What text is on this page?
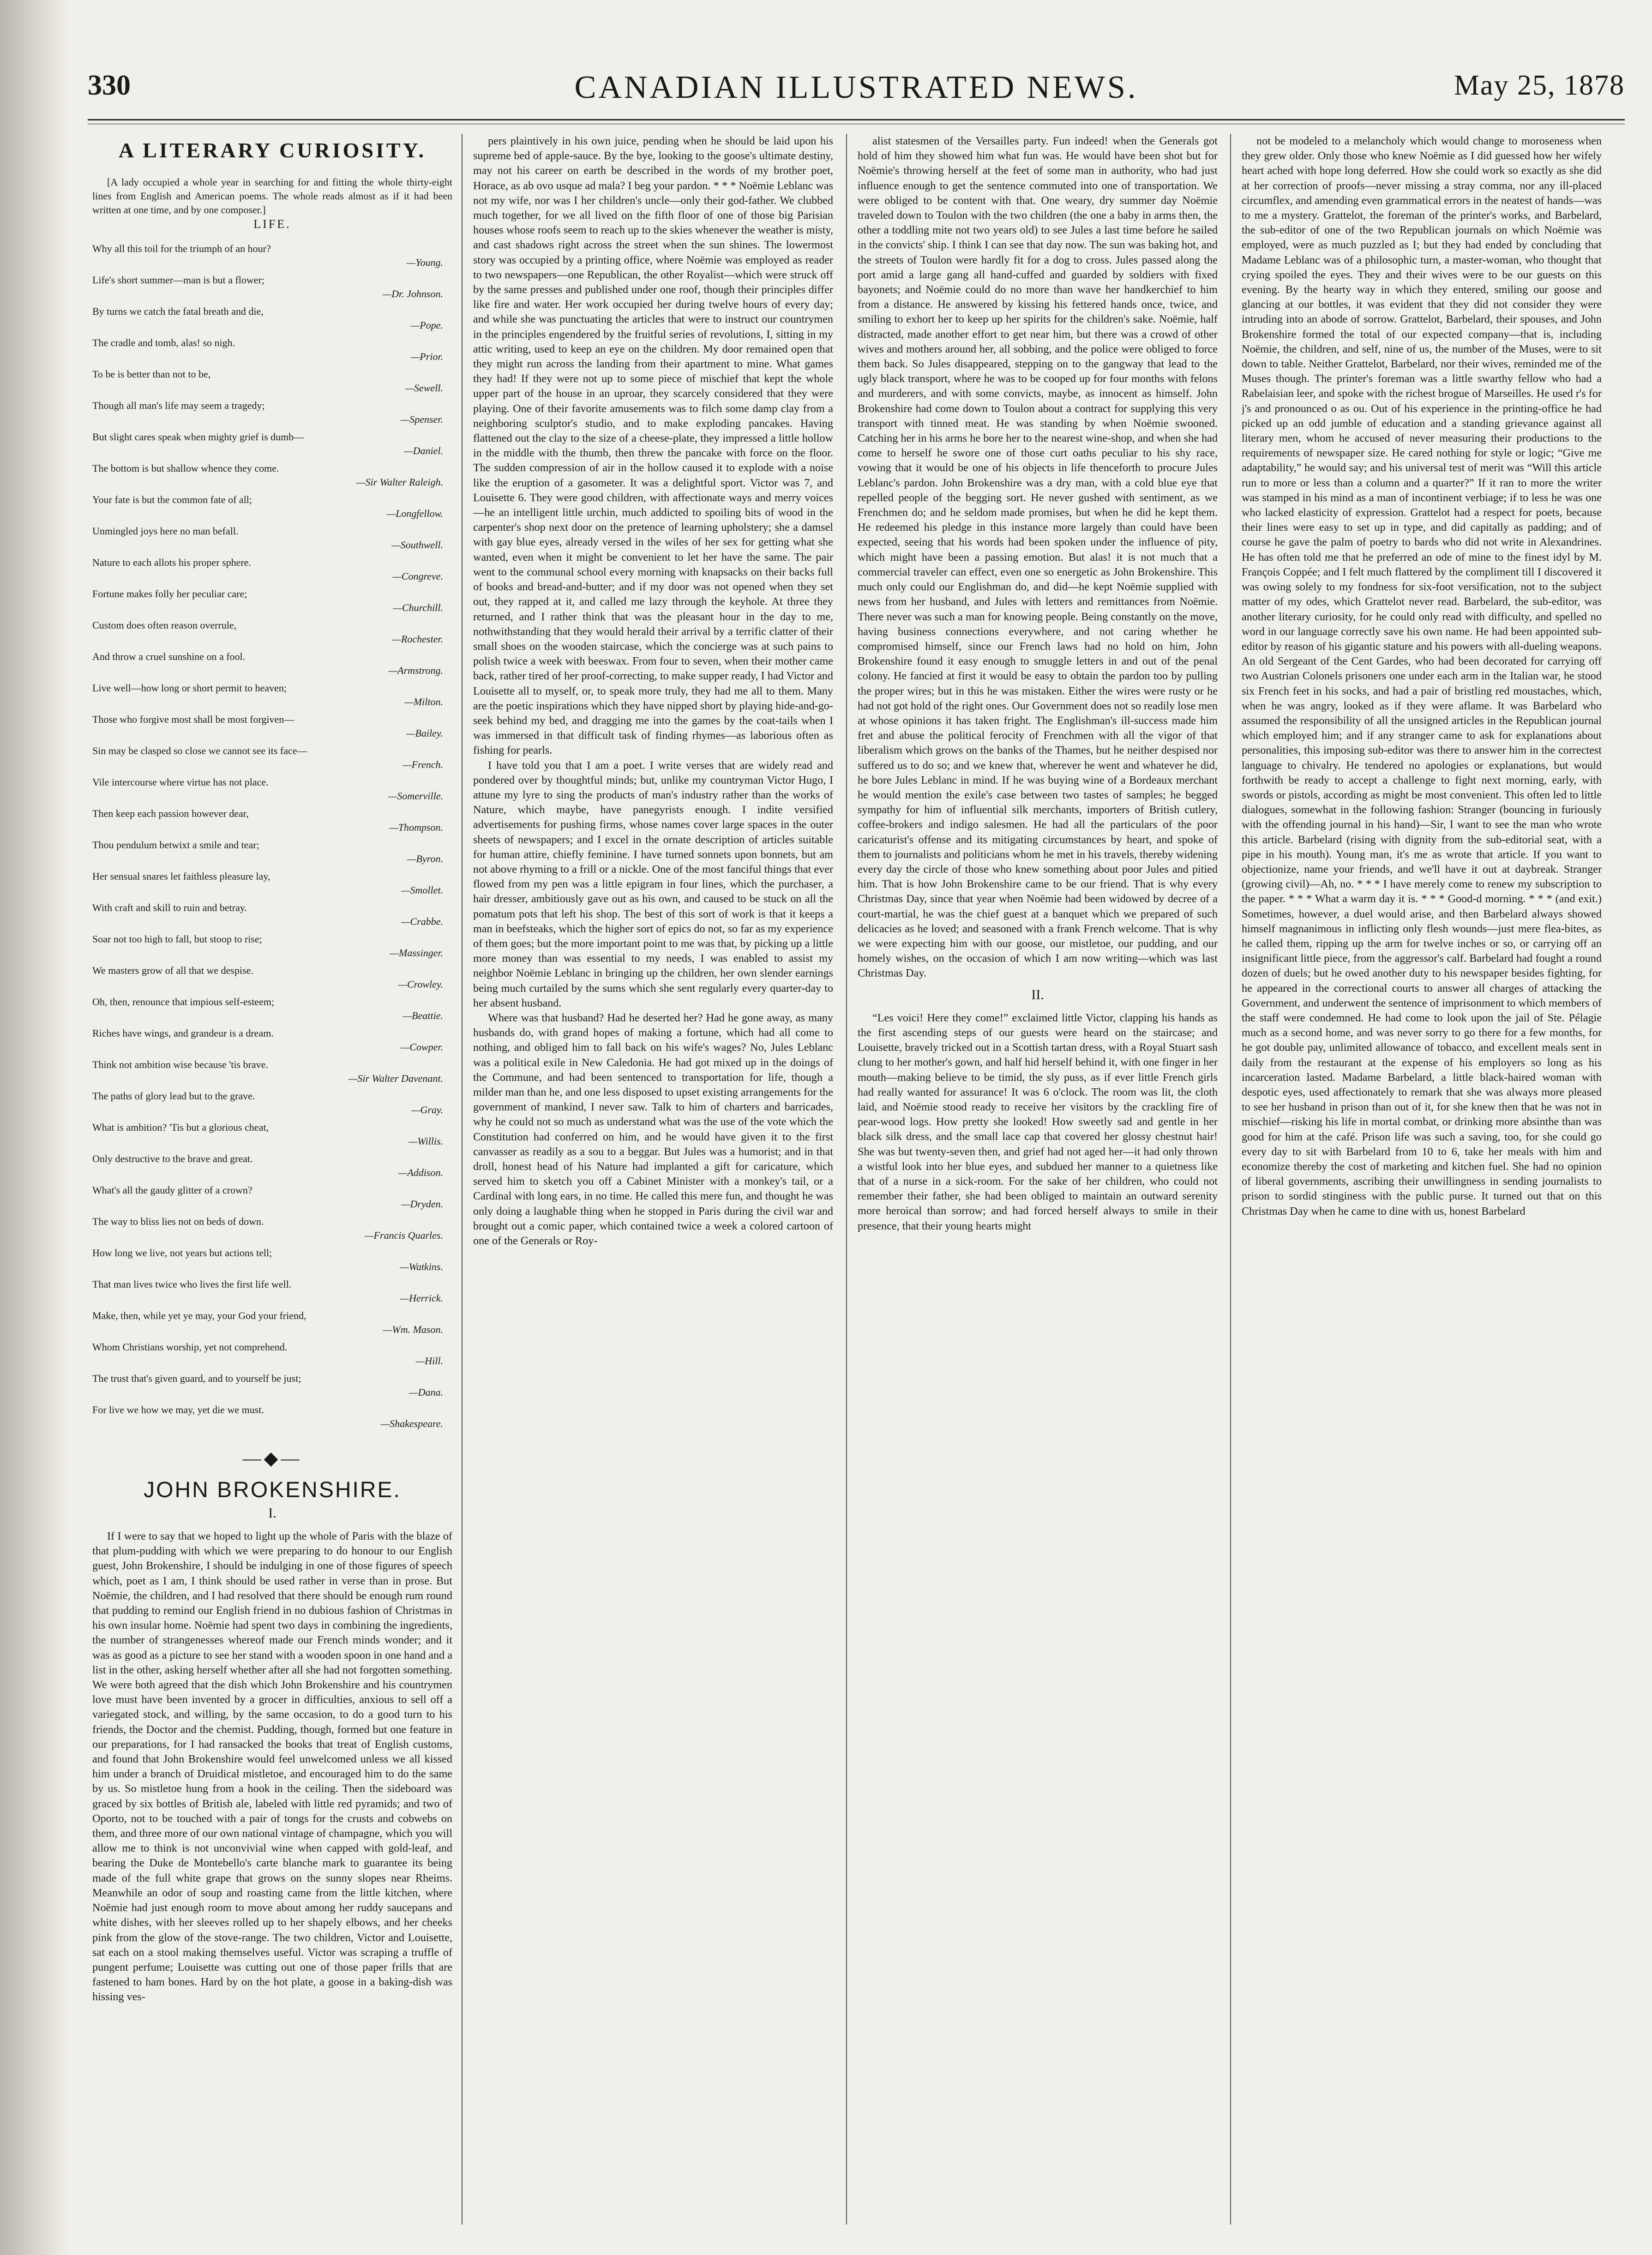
330	CANADIAN ILLUSTRATED NEWS.	May 25, 1878
A LITERARY CURIOSITY.

[A lady occupied a whole year in searching for and fitting the whole thirty-eight lines from English and American poems. The whole reads almost as if it had been written at one time, and by one composer.]

LIFE.
Why all this toil for the triumph of an hour?
—Young.
Life's short summer—man is but a flower;
—Dr. Johnson.
By turns we catch the fatal breath and die,
—Pope.
The cradle and tomb, alas! so nigh.
—Prior.
To be is better than not to be,
—Sewell.
Though all man's life may seem a tragedy;
—Spenser.
But slight cares speak when mighty grief is dumb—
—Daniel.
The bottom is but shallow whence they come.
—Sir Walter Raleigh.
Your fate is but the common fate of all;
—Longfellow.
Unmingled joys here no man befall.
—Southwell.
Nature to each allots his proper sphere.
—Congreve.
Fortune makes folly her peculiar care;
—Churchill.
Custom does often reason overrule,
—Rochester.
And throw a cruel sunshine on a fool.
—Armstrong.
Live well—how long or short permit to heaven;
—Milton.
Those who forgive most shall be most forgiven—
—Bailey.
Sin may be clasped so close we cannot see its face—
—French.
Vile intercourse where virtue has not place.
—Somerville.
Then keep each passion however dear,
—Thompson.
Thou pendulum betwixt a smile and tear;
—Byron.
Her sensual snares let faithless pleasure lay,
—Smollet.
With craft and skill to ruin and betray.
—Crabbe.
Soar not too high to fall, but stoop to rise;
—Massinger.
We masters grow of all that we despise.
—Crowley.
Oh, then, renounce that impious self-esteem;
—Beattie.
Riches have wings, and grandeur is a dream.
—Cowper.
Think not ambition wise because 'tis brave.
—Sir Walter Davenant.
The paths of glory lead but to the grave.
—Gray.
What is ambition? 'Tis but a glorious cheat,
—Willis.
Only destructive to the brave and great.
—Addison.
What's all the gaudy glitter of a crown?
—Dryden.
The way to bliss lies not on beds of down.
—Francis Quarles.
How long we live, not years but actions tell;
—Watkins.
That man lives twice who lives the first life well.
—Herrick.
Make, then, while yet ye may, your God your friend,
—Wm. Mason.
Whom Christians worship, yet not comprehend.
—Hill.
The trust that's given guard, and to yourself be just;
—Dana.
For live we how we may, yet die we must.
—Shakespeare.
—◆—
JOHN BROKENSHIRE.
I.

If I were to say that we hoped to light up the whole of Paris with the blaze of that plum-pudding with which we were preparing to do honour to our English guest, John Brokenshire, I should be indulging in one of those figures of speech which, poet as I am, I think should be used rather in verse than in prose. But Noëmie, the children, and I had resolved that there should be enough rum round that pudding to remind our English friend in no dubious fashion of Christmas in his own insular home. Noëmie had spent two days in combining the ingredients, the number of strangenesses whereof made our French minds wonder; and it was as good as a picture to see her stand with a wooden spoon in one hand and a list in the other, asking herself whether after all she had not forgotten something. We were both agreed that the dish which John Brokenshire and his countrymen love must have been invented by a grocer in difficulties, anxious to sell off a variegated stock, and willing, by the same occasion, to do a good turn to his friends, the Doctor and the chemist. Pudding, though, formed but one feature in our preparations, for I had ransacked the books that treat of English customs, and found that John Brokenshire would feel unwelcomed unless we all kissed him under a branch of Druidical mistletoe, and encouraged him to do the same by us. So mistletoe hung from a hook in the ceiling. Then the sideboard was graced by six bottles of British ale, labeled with little red pyramids; and two of Oporto, not to be touched with a pair of tongs for the crusts and cobwebs on them, and three more of our own national vintage of champagne, which you will allow me to think is not unconvivial wine when capped with gold-leaf, and bearing the Duke de Montebello's carte blanche mark to guarantee its being made of the full white grape that grows on the sunny slopes near Rheims. Meanwhile an odor of soup and roasting came from the little kitchen, where Noëmie had just enough room to move about among her ruddy saucepans and white dishes, with her sleeves rolled up to her shapely elbows, and her cheeks pink from the glow of the stove-range. The two children, Victor and Louisette, sat each on a stool making themselves useful. Victor was scraping a truffle of pungent perfume; Louisette was cutting out one of those paper frills that are fastened to ham bones. Hard by on the hot plate, a goose in a baking-dish was hissing ves-

pers plaintively in his own juice, pending when he should be laid upon his supreme bed of apple-sauce. By the bye, looking to the goose's ultimate destiny, may not his career on earth be described in the words of my brother poet, Horace, as ab ovo usque ad mala? I beg your pardon. * * * Noëmie Leblanc was not my wife, nor was I her children's uncle—only their god-father. We clubbed much together, for we all lived on the fifth floor of one of those big Parisian houses whose roofs seem to reach up to the skies whenever the weather is misty, and cast shadows right across the street when the sun shines. The lowermost story was occupied by a printing office, where Noëmie was employed as reader to two newspapers—one Republican, the other Royalist—which were struck off by the same presses and published under one roof, though their principles differ like fire and water. Her work occupied her during twelve hours of every day; and while she was punctuating the articles that were to instruct our countrymen in the principles engendered by the fruitful series of revolutions, I, sitting in my attic writing, used to keep an eye on the children. My door remained open that they might run across the landing from their apartment to mine. What games they had! If they were not up to some piece of mischief that kept the whole upper part of the house in an uproar, they scarcely considered that they were playing. One of their favorite amusements was to filch some damp clay from a neighboring sculptor's studio, and to make exploding pancakes. Having flattened out the clay to the size of a cheese-plate, they impressed a little hollow in the middle with the thumb, then threw the pancake with force on the floor. The sudden compression of air in the hollow caused it to explode with a noise like the eruption of a gasometer. It was a delightful sport. Victor was 7, and Louisette 6. They were good children, with affectionate ways and merry voices—he an intelligent little urchin, much addicted to spoiling bits of wood in the carpenter's shop next door on the pretence of learning upholstery; she a damsel with gay blue eyes, already versed in the wiles of her sex for getting what she wanted, even when it might be convenient to let her have the same. The pair went to the communal school every morning with knapsacks on their backs full of books and bread-and-butter; and if my door was not opened when they set out, they rapped at it, and called me lazy through the keyhole. At three they returned, and I rather think that was the pleasant hour in the day to me, nothwithstanding that they would herald their arrival by a terrific clatter of their small shoes on the wooden staircase, which the concierge was at such pains to polish twice a week with beeswax. From four to seven, when their mother came back, rather tired of her proof-correcting, to make supper ready, I had Victor and Louisette all to myself, or, to speak more truly, they had me all to them. Many are the poetic inspirations which they have nipped short by playing hide-and-go-seek behind my bed, and dragging me into the games by the coat-tails when I was immersed in that difficult task of finding rhymes—as laborious often as fishing for pearls.

I have told you that I am a poet. I write verses that are widely read and pondered over by thoughtful minds; but, unlike my countryman Victor Hugo, I attune my lyre to sing the products of man's industry rather than the works of Nature, which maybe, have panegyrists enough. I indite versified advertisements for pushing firms, whose names cover large spaces in the outer sheets of newspapers; and I excel in the ornate description of articles suitable for human attire, chiefly feminine. I have turned sonnets upon bonnets, but am not above rhyming to a frill or a nickle. One of the most fanciful things that ever flowed from my pen was a little epigram in four lines, which the purchaser, a hair dresser, ambitiously gave out as his own, and caused to be stuck on all the pomatum pots that left his shop. The best of this sort of work is that it keeps a man in beefsteaks, which the higher sort of epics do not, so far as my experience of them goes; but the more important point to me was that, by picking up a little more money than was essential to my needs, I was enabled to assist my neighbor Noëmie Leblanc in bringing up the children, her own slender earnings being much curtailed by the sums which she sent regularly every quarter-day to her absent husband.

Where was that husband? Had he deserted her? Had he gone away, as many husbands do, with grand hopes of making a fortune, which had all come to nothing, and obliged him to fall back on his wife's wages? No, Jules Leblanc was a political exile in New Caledonia. He had got mixed up in the doings of the Commune, and had been sentenced to transportation for life, though a milder man than he, and one less disposed to upset existing arrangements for the government of mankind, I never saw. Talk to him of charters and barricades, why he could not so much as understand what was the use of the vote which the Constitution had conferred on him, and he would have given it to the first canvasser as readily as a sou to a beggar. But Jules was a humorist; and in that droll, honest head of his Nature had implanted a gift for caricature, which served him to sketch you off a Cabinet Minister with a monkey's tail, or a Cardinal with long ears, in no time. He called this mere fun, and thought he was only doing a laughable thing when he stopped in Paris during the civil war and brought out a comic paper, which contained twice a week a colored cartoon of one of the Generals or Roy-

alist statesmen of the Versailles party. Fun indeed! when the Generals got hold of him they showed him what fun was. He would have been shot but for Noëmie's throwing herself at the feet of some man in authority, who had just influence enough to get the sentence commuted into one of transportation. We were obliged to be content with that. One weary, dry summer day Noëmie traveled down to Toulon with the two children (the one a baby in arms then, the other a toddling mite not two years old) to see Jules a last time before he sailed in the convicts' ship. I think I can see that day now. The sun was baking hot, and the streets of Toulon were hardly fit for a dog to cross. Jules passed along the port amid a large gang all hand-cuffed and guarded by soldiers with fixed bayonets; and Noëmie could do no more than wave her handkerchief to him from a distance. He answered by kissing his fettered hands once, twice, and smiling to exhort her to keep up her spirits for the children's sake. Noëmie, half distracted, made another effort to get near him, but there was a crowd of other wives and mothers around her, all sobbing, and the police were obliged to force them back. So Jules disappeared, stepping on to the gangway that lead to the ugly black transport, where he was to be cooped up for four months with felons and murderers, and with some convicts, maybe, as innocent as himself. John Brokenshire had come down to Toulon about a contract for supplying this very transport with tinned meat. He was standing by when Noëmie swooned. Catching her in his arms he bore her to the nearest wine-shop, and when she had come to herself he swore one of those curt oaths peculiar to his shy race, vowing that it would be one of his objects in life thenceforth to procure Jules Leblanc's pardon. John Brokenshire was a dry man, with a cold blue eye that repelled people of the begging sort. He never gushed with sentiment, as we Frenchmen do; and he seldom made promises, but when he did he kept them. He redeemed his pledge in this instance more largely than could have been expected, seeing that his words had been spoken under the influence of pity, which might have been a passing emotion. But alas! it is not much that a commercial traveler can effect, even one so energetic as John Brokenshire. This much only could our Englishman do, and did—he kept Noëmie supplied with news from her husband, and Jules with letters and remittances from Noëmie. There never was such a man for knowing people. Being constantly on the move, having business connections everywhere, and not caring whether he compromised himself, since our French laws had no hold on him, John Brokenshire found it easy enough to smuggle letters in and out of the penal colony. He fancied at first it would be easy to obtain the pardon too by pulling the proper wires; but in this he was mistaken. Either the wires were rusty or he had not got hold of the right ones. Our Government does not so readily lose men at whose opinions it has taken fright. The Englishman's ill-success made him fret and abuse the political ferocity of Frenchmen with all the vigor of that liberalism which grows on the banks of the Thames, but he neither despised nor suffered us to do so; and we knew that, wherever he went and whatever he did, he bore Jules Leblanc in mind. If he was buying wine of a Bordeaux merchant he would mention the exile's case between two tastes of samples; he begged sympathy for him of influential silk merchants, importers of British cutlery, coffee-brokers and indigo salesmen. He had all the particulars of the poor caricaturist's offense and its mitigating circumstances by heart, and spoke of them to journalists and politicians whom he met in his travels, thereby widening every day the circle of those who knew something about poor Jules and pitied him. That is how John Brokenshire came to be our friend. That is why every Christmas Day, since that year when Noëmie had been widowed by decree of a court-martial, he was the chief guest at a banquet which we prepared of such delicacies as he loved; and seasoned with a frank French welcome. That is why we were expecting him with our goose, our mistletoe, our pudding, and our homely wishes, on the occasion of which I am now writing—which was last Christmas Day.

II.

“Les voici! Here they come!” exclaimed little Victor, clapping his hands as the first ascending steps of our guests were heard on the staircase; and Louisette, bravely tricked out in a Scottish tartan dress, with a Royal Stuart sash clung to her mother's gown, and half hid herself behind it, with one finger in her mouth—making believe to be timid, the sly puss, as if ever little French girls had really wanted for assurance! It was 6 o'clock. The room was lit, the cloth laid, and Noëmie stood ready to receive her visitors by the crackling fire of pear-wood logs. How pretty she looked! How sweetly sad and gentle in her black silk dress, and the small lace cap that covered her glossy chestnut hair! She was but twenty-seven then, and grief had not aged her—it had only thrown a wistful look into her blue eyes, and subdued her manner to a quietness like that of a nurse in a sick-room. For the sake of her children, who could not remember their father, she had been obliged to maintain an outward serenity more heroical than sorrow; and had forced herself always to smile in their presence, that their young hearts might

not be modeled to a melancholy which would change to moroseness when they grew older. Only those who knew Noëmie as I did guessed how her wifely heart ached with hope long deferred. How she could work so exactly as she did at her correction of proofs—never missing a stray comma, nor any ill-placed circumflex, and amending even grammatical errors in the neatest of hands—was to me a mystery. Grattelot, the foreman of the printer's works, and Barbelard, the sub-editor of one of the two Republican journals on which Noëmie was employed, were as much puzzled as I; but they had ended by concluding that Madame Leblanc was of a philosophic turn, a master-woman, who thought that crying spoiled the eyes. They and their wives were to be our guests on this evening. By the hearty way in which they entered, smiling our goose and glancing at our bottles, it was evident that they did not consider they were intruding into an abode of sorrow. Grattelot, Barbelard, their spouses, and John Brokenshire formed the total of our expected company—that is, including Noëmie, the children, and self, nine of us, the number of the Muses, were to sit down to table. Neither Grattelot, Barbelard, nor their wives, reminded me of the Muses though. The printer's foreman was a little swarthy fellow who had a Rabelaisian leer, and spoke with the richest brogue of Marseilles. He used r's for j's and pronounced o as ou. Out of his experience in the printing-office he had picked up an odd jumble of education and a standing grievance against all literary men, whom he accused of never measuring their productions to the requirements of newspaper size. He cared nothing for style or logic; “Give me adaptability,” he would say; and his universal test of merit was “Will this article run to more or less than a column and a quarter?” If it ran to more the writer was stamped in his mind as a man of incontinent verbiage; if to less he was one who lacked elasticity of expression. Grattelot had a respect for poets, because their lines were easy to set up in type, and did capitally as padding; and of course he gave the palm of poetry to bards who did not write in Alexandrines. He has often told me that he preferred an ode of mine to the finest idyl by M. François Coppée; and I felt much flattered by the compliment till I discovered it was owing solely to my fondness for six-foot versification, not to the subject matter of my odes, which Grattelot never read. Barbelard, the sub-editor, was another literary curiosity, for he could only read with difficulty, and spelled no word in our language correctly save his own name. He had been appointed sub-editor by reason of his gigantic stature and his powers with all-dueling weapons. An old Sergeant of the Cent Gardes, who had been decorated for carrying off two Austrian Colonels prisoners one under each arm in the Italian war, he stood six French feet in his socks, and had a pair of bristling red moustaches, which, when he was angry, looked as if they were aflame. It was Barbelard who assumed the responsibility of all the unsigned articles in the Republican journal which employed him; and if any stranger came to ask for explanations about personalities, this imposing sub-editor was there to answer him in the correctest language to chivalry. He tendered no apologies or explanations, but would forthwith be ready to accept a challenge to fight next morning, early, with swords or pistols, according as might be most convenient. This often led to little dialogues, somewhat in the following fashion: Stranger (bouncing in furiously with the offending journal in his hand)—Sir, I want to see the man who wrote this article. Barbelard (rising with dignity from the sub-editorial seat, with a pipe in his mouth). Young man, it's me as wrote that article. If you want to objectionize, name your friends, and we'll have it out at daybreak. Stranger (growing civil)—Ah, no. * * * I have merely come to renew my subscription to the paper. * * * What a warm day it is. * * * Good-d morning. * * * (and exit.) Sometimes, however, a duel would arise, and then Barbelard always showed himself magnanimous in inflicting only flesh wounds—just mere flea-bites, as he called them, ripping up the arm for twelve inches or so, or carrying off an insignificant little piece, from the aggressor's calf. Barbelard had fought a round dozen of duels; but he owed another duty to his newspaper besides fighting, for he appeared in the correctional courts to answer all charges of attacking the Government, and underwent the sentence of imprisonment to which members of the staff were condemned. He had come to look upon the jail of Ste. Pélagie much as a second home, and was never sorry to go there for a few months, for he got double pay, unlimited allowance of tobacco, and excellent meals sent in daily from the restaurant at the expense of his employers so long as his incarceration lasted. Madame Barbelard, a little black-haired woman with despotic eyes, used affectionately to remark that she was always more pleased to see her husband in prison than out of it, for she knew then that he was not in mischief—risking his life in mortal combat, or drinking more absinthe than was good for him at the café. Prison life was such a saving, too, for she could go every day to sit with Barbelard from 10 to 6, take her meals with him and economize thereby the cost of marketing and kitchen fuel. She had no opinion of liberal governments, ascribing their unwillingness in sending journalists to prison to sordid stinginess with the public purse. It turned out that on this Christmas Day when he came to dine with us, honest Barbelard
